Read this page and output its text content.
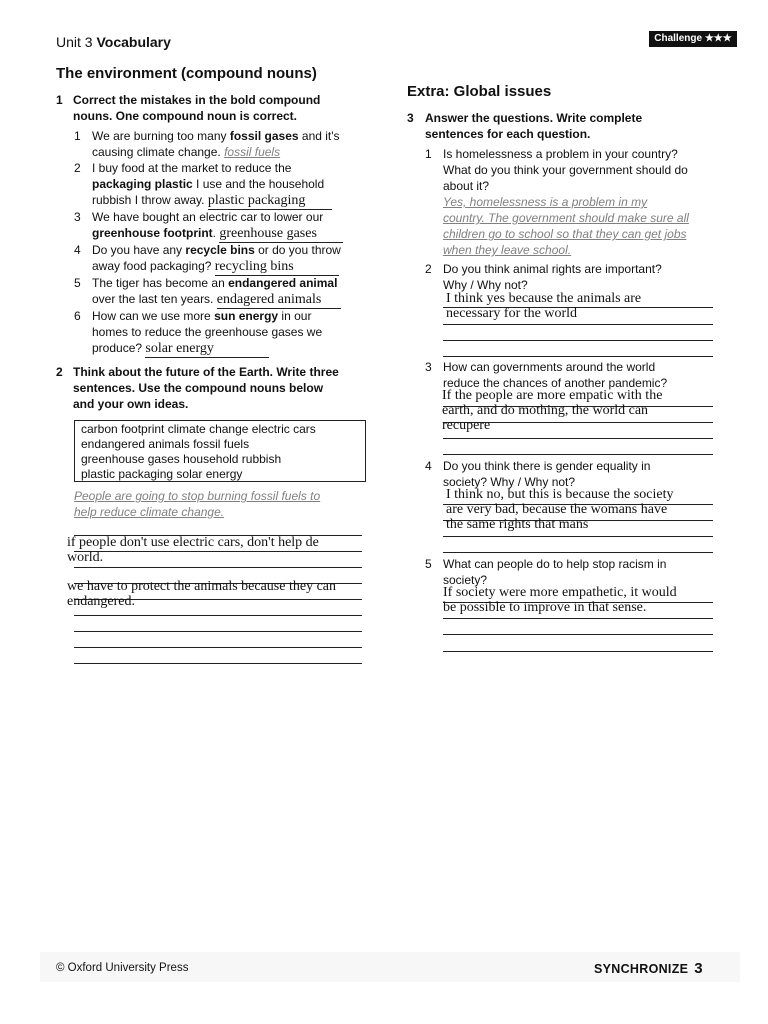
Unit 3 Vocabulary	Challenge ★★★
The environment (compound nouns)
1 Correct the mistakes in the bold compound
nouns. One compound noun is correct.
1 We are burning too many fossil gases and it's
causing climate change. fossil fuels
2 I buy food at the market to reduce the
packaging plastic I use and the household
rubbish I throw away. plastic packaging
3 We have bought an electric car to lower our
greenhouse footprint. greenhouse gases
4 Do you have any recycle bins or do you throw
away food packaging? recycling bins
5 The tiger has become an endangered animal
over the last ten years. endagered animals
6 How can we use more sun energy in our
homes to reduce the greenhouse gases we
produce? solar energy
2 Think about the future of the Earth. Write three
sentences. Use the compound nouns below
and your own ideas.
carbon footprint climate change electric cars
endangered animals fossil fuels
greenhouse gases household rubbish
plastic packaging solar energy
People are going to stop burning fossil fuels to
help reduce climate change.
if people don't use electric cars, don't help de
world.
we have to protect the animals because they can
endangered.
Extra: Global issues
3 Answer the questions. Write complete
sentences for each question.
1 Is homelessness a problem in your country?
What do you think your government should do
about it?
Yes, homelessness is a problem in my
country. The government should make sure all
children go to school so that they can get jobs
when they leave school.
2 Do you think animal rights are important?
Why / Why not?
I think yes because the animals are
necessary for the world
3 How can governments around the world
reduce the chances of another pandemic?
If the people are more empatic with the
earth, and do mothing, the world can
recupere
4 Do you think there is gender equality in
society? Why / Why not?
I think no, but this is because the society
are very bad, because the womans have
the same rights that mans
5 What can people do to help stop racism in
society?
If society were more empathetic, it would
be possible to improve in that sense.
© Oxford University Press	SYNCHRONIZE 3
